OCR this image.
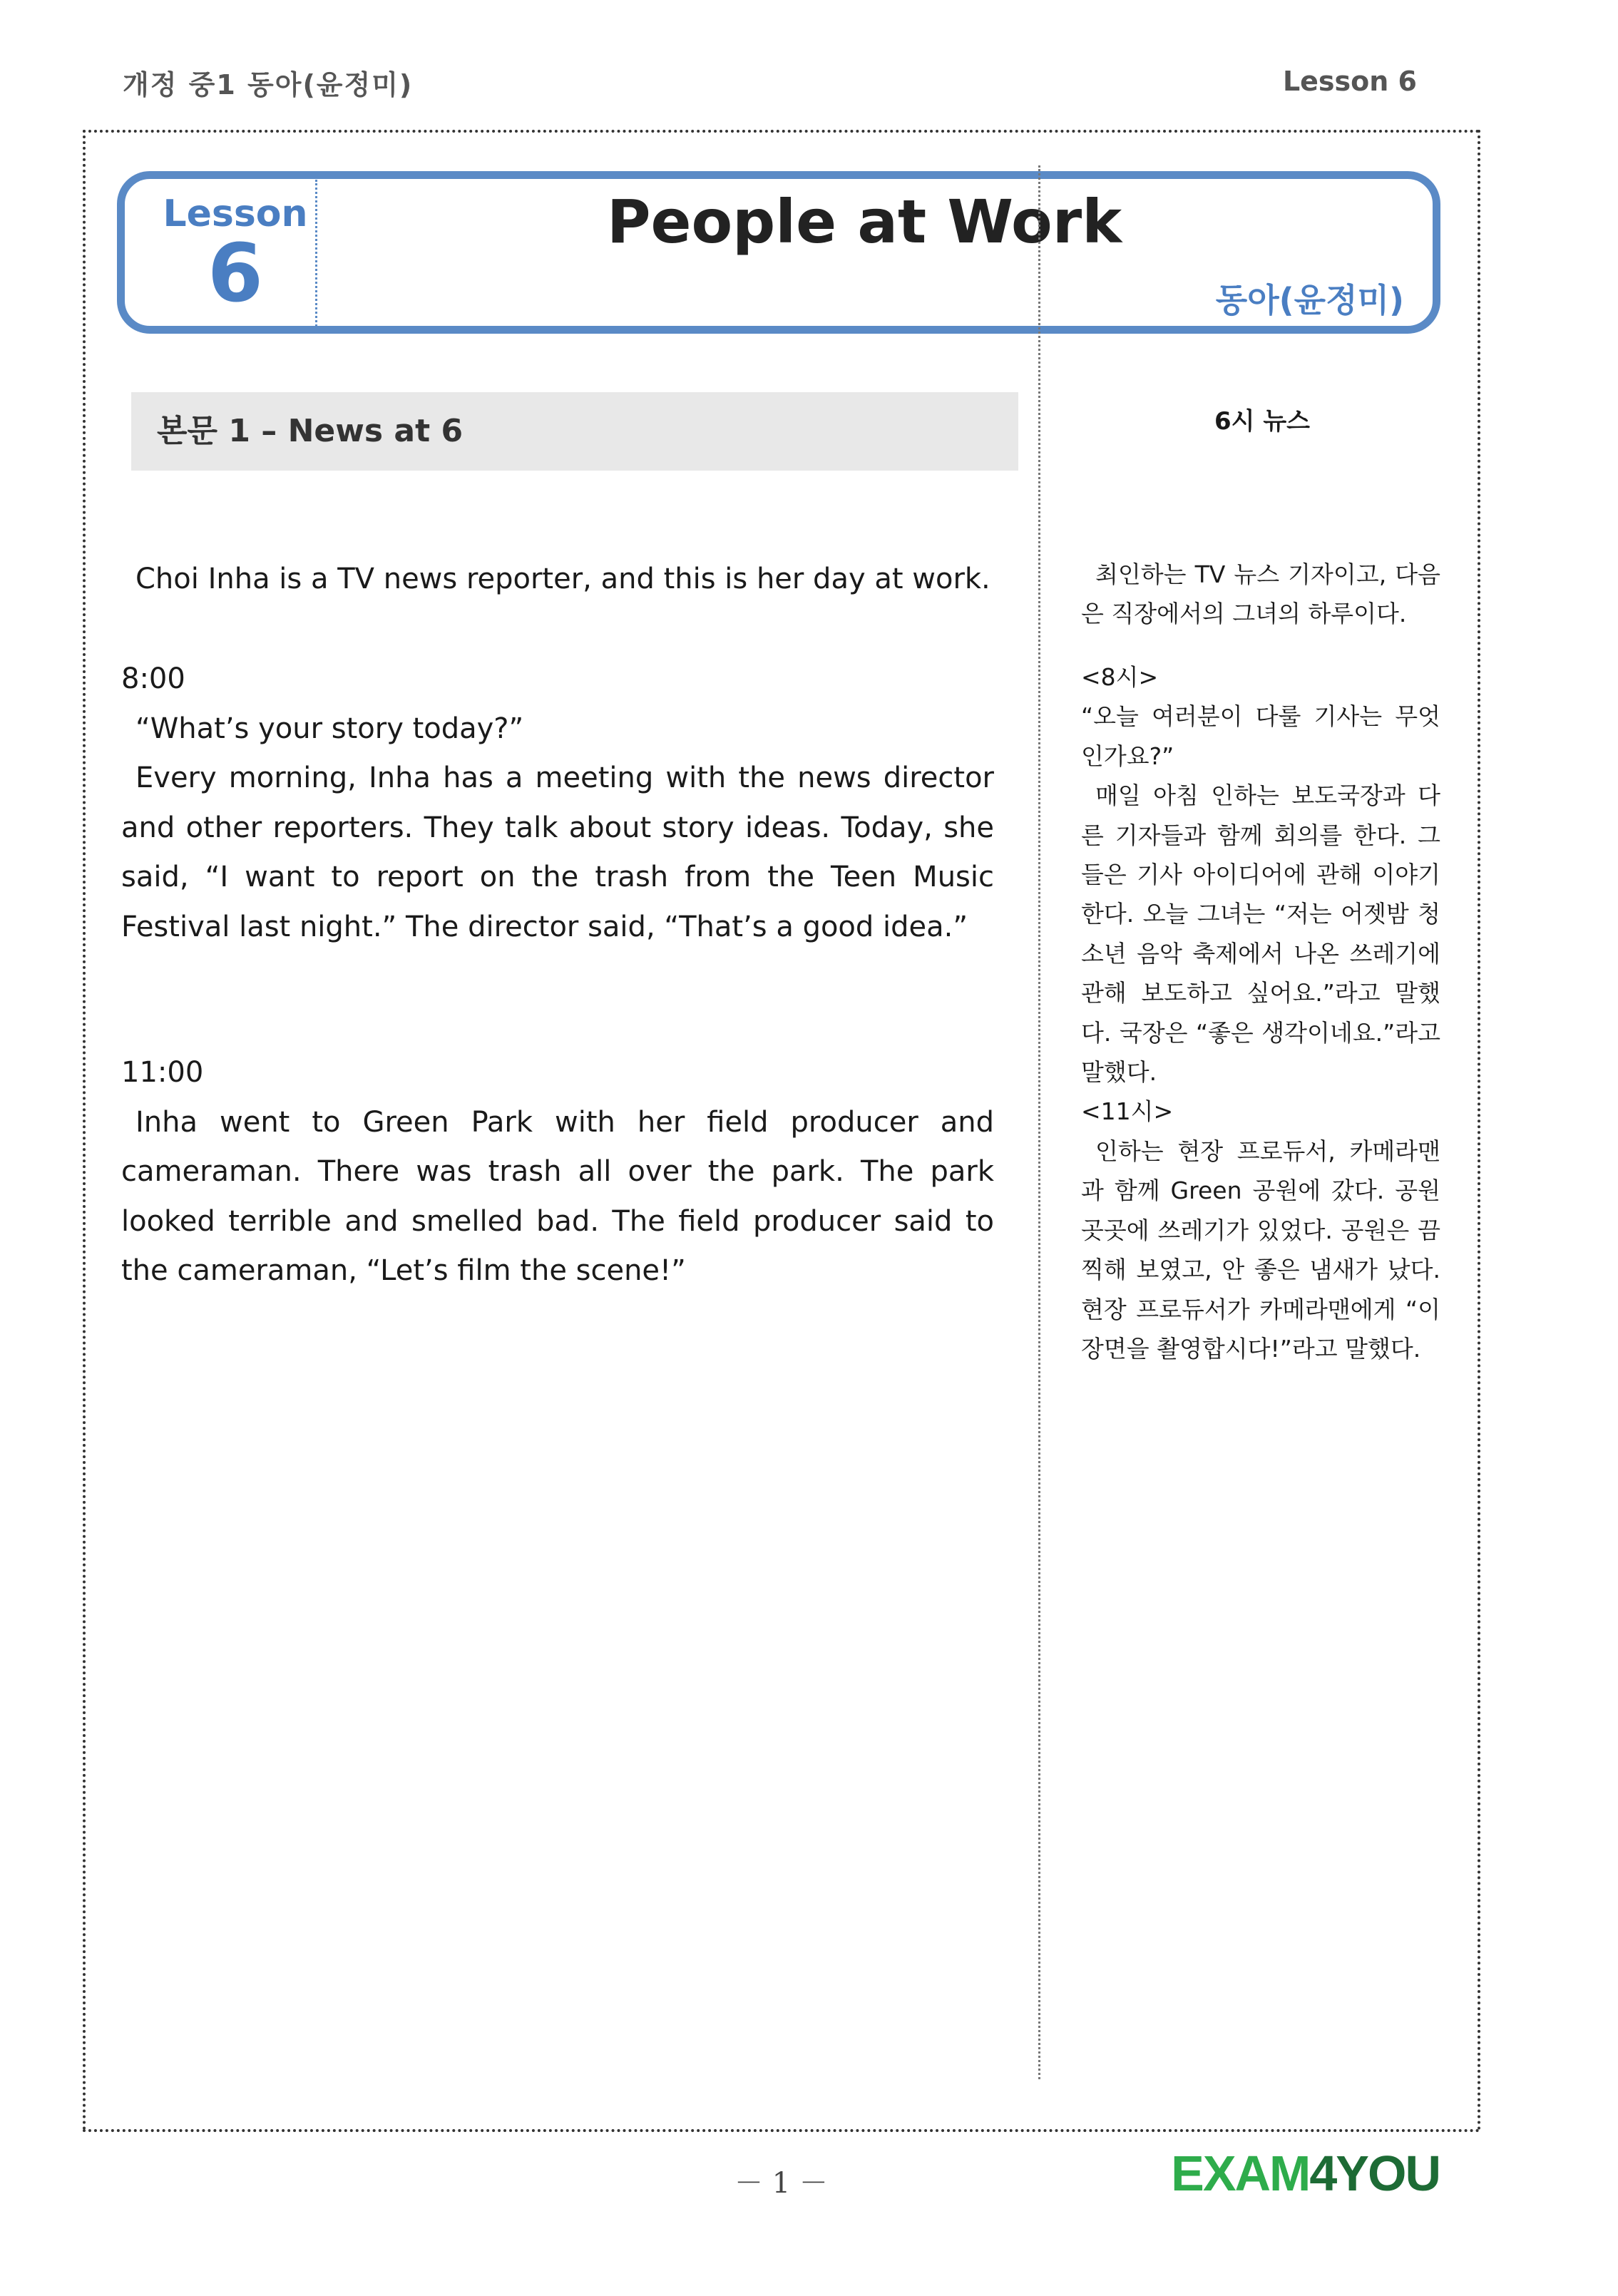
개정 중1 동아(윤정미)	Lesson 6
Lesson
6
People at Work
동아(윤정미)
본문 1 – News at 6

Choi Inha is a TV news reporter, and this is her day at work.

8:00

“What’s your story today?”

Every morning, Inha has a meeting with the news director and other reporters. They talk about story ideas. Today, she said, “I want to report on the trash from the Teen Music Festival last night.” The director said, “That’s a good idea.”

11:00

Inha went to Green Park with her field producer and cameraman. There was trash all over the park. The park looked terrible and smelled bad. The field producer said to the cameraman, “Let’s film the scene!”

6시 뉴스

최인하는 TV 뉴스 기자이고, 다음은 직장에서의 그녀의 하루이다.

<8시>

“오늘 여러분이 다룰 기사는 무엇인가요?”

매일 아침 인하는 보도국장과 다른 기자들과 함께 회의를 한다. 그들은 기사 아이디어에 관해 이야기한다. 오늘 그녀는 “저는 어젯밤 청소년 음악 축제에서 나온 쓰레기에 관해 보도하고 싶어요.”라고 말했다. 국장은 “좋은 생각이네요.”라고 말했다.

<11시>

인하는 현장 프로듀서, 카메라맨과 함께 Green 공원에 갔다. 공원 곳곳에 쓰레기가 있었다. 공원은 끔찍해 보였고, 안 좋은 냄새가 났다. 현장 프로듀서가 카메라맨에게 “이 장면을 촬영합시다!”라고 말했다.

－ 1 －	EXAM4YOU
